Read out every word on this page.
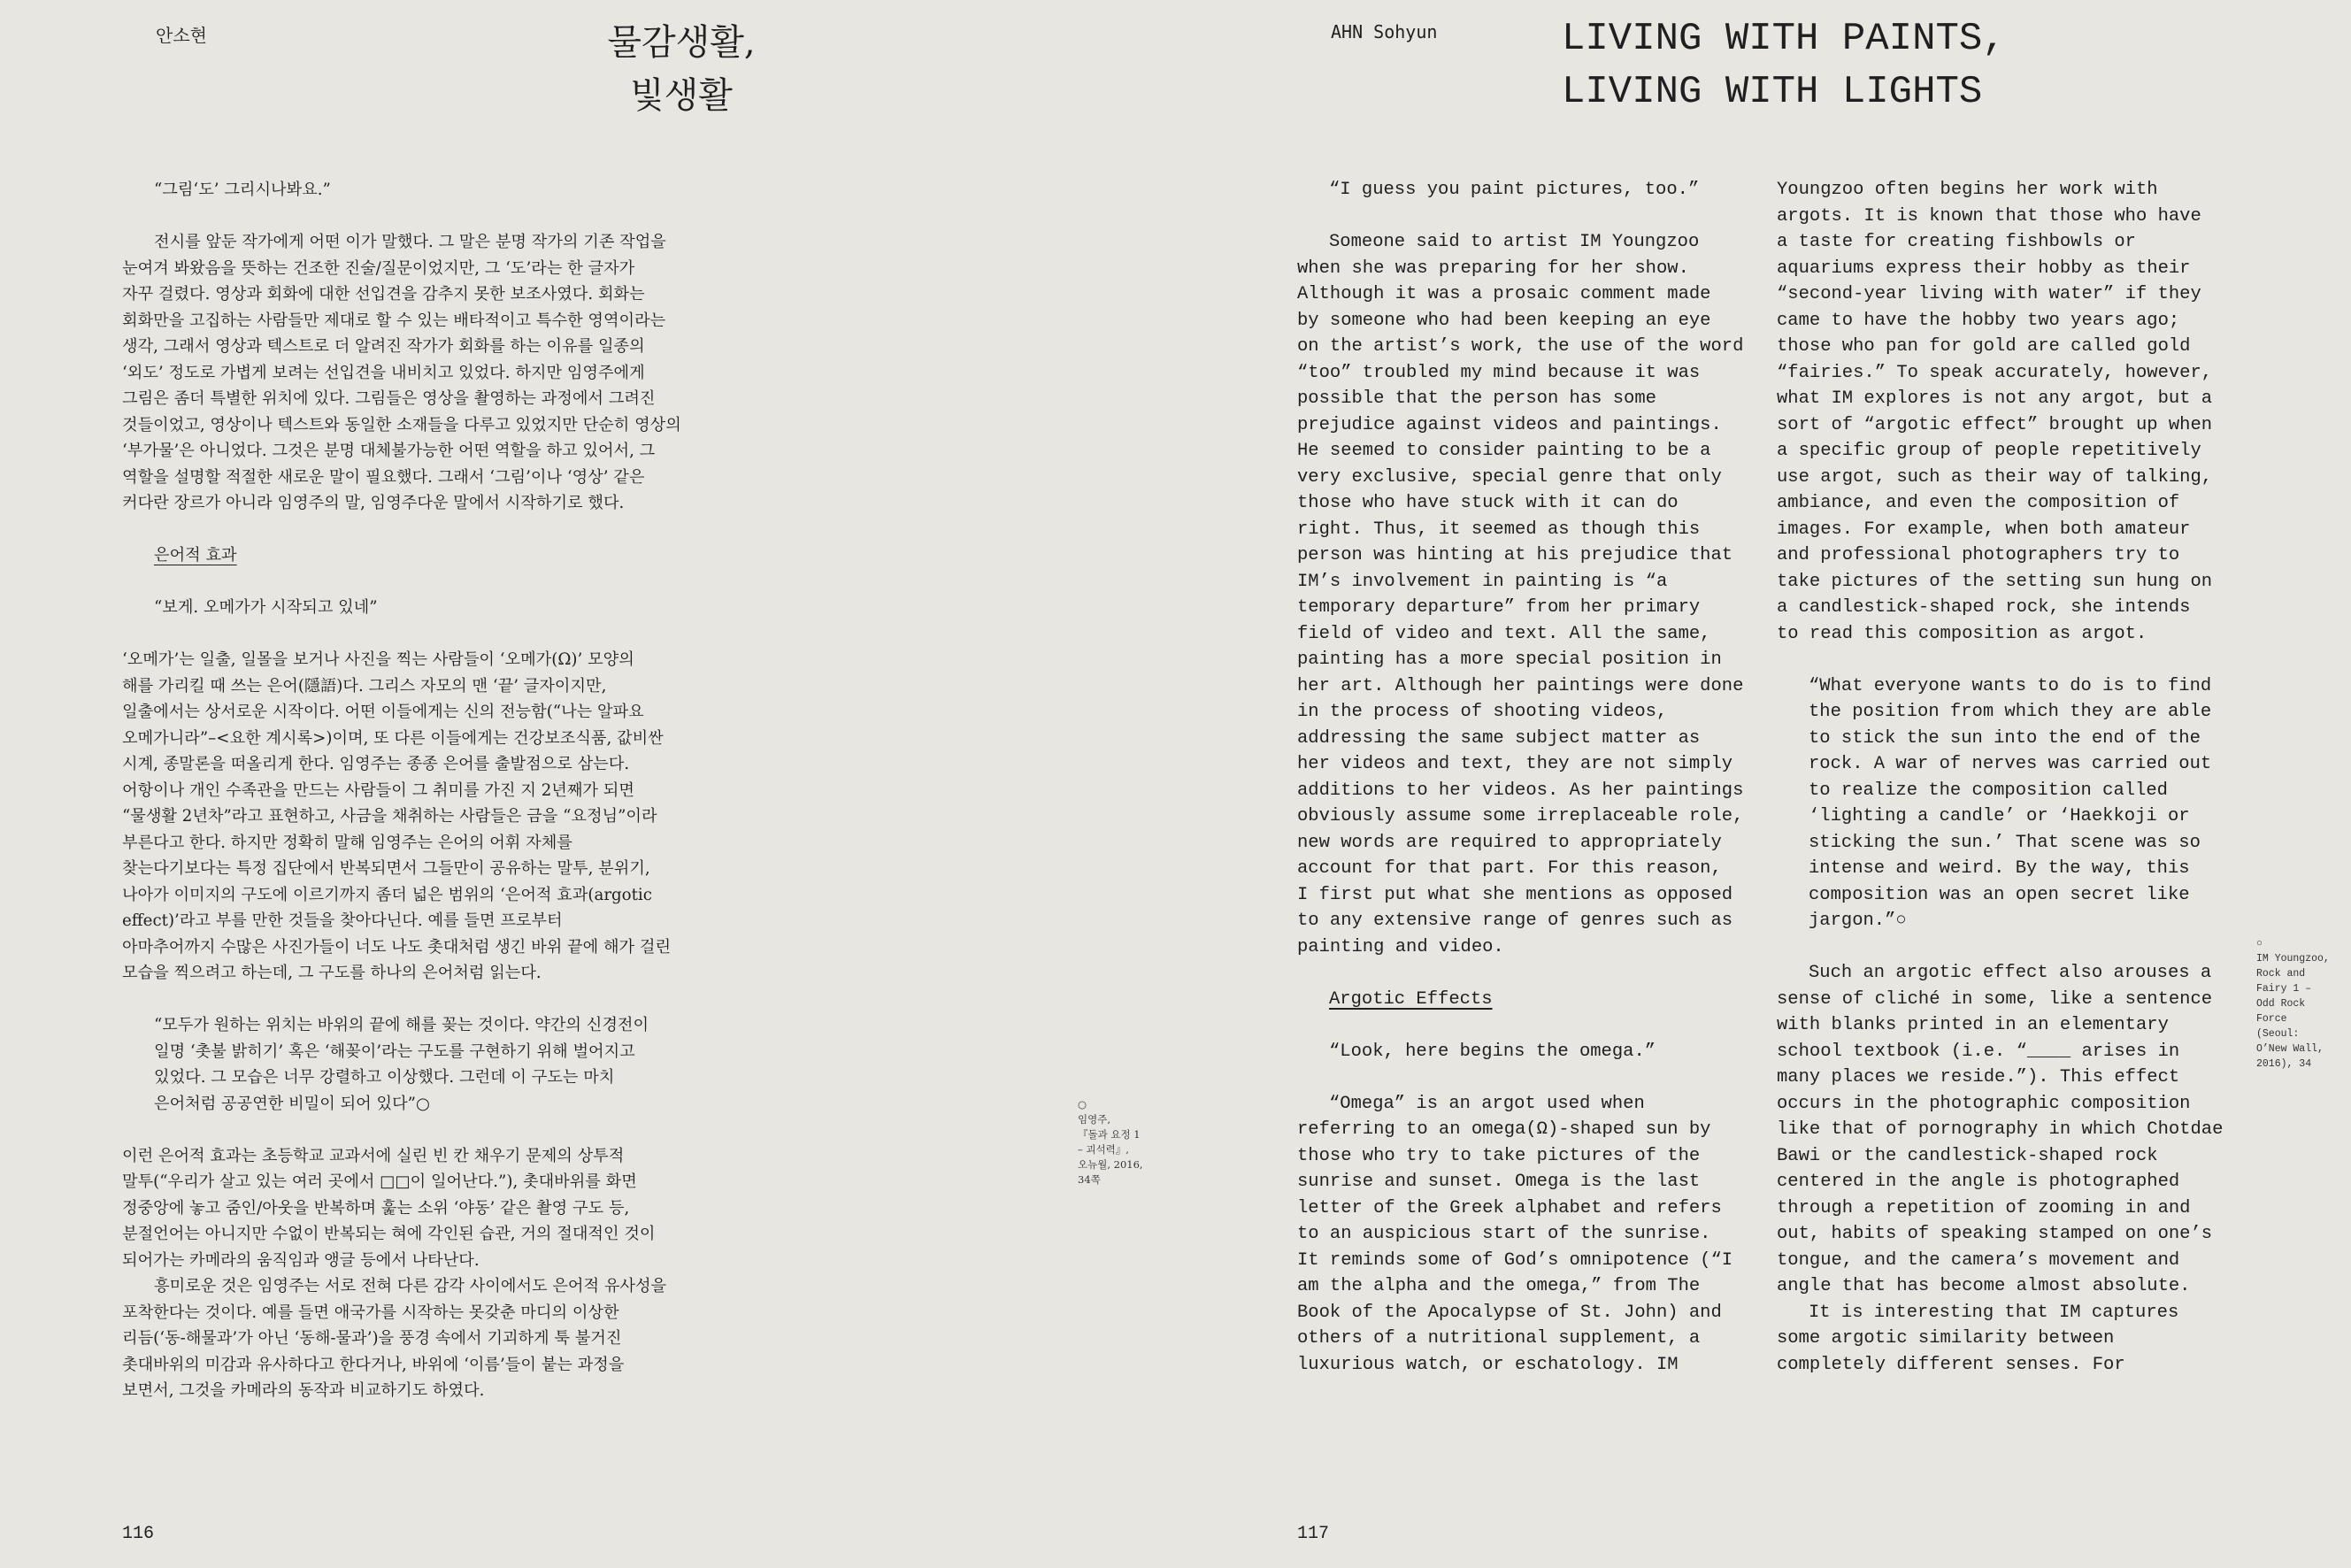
안소현	물감생활,
빛생활

“그림‘도’ 그리시나봐요.”

전시를 앞둔 작가에게 어떤 이가 말했다. 그 말은 분명 작가의 기존 작업을

눈여겨 봐왔음을 뜻하는 건조한 진술/질문이었지만, 그 ‘도’라는 한 글자가

자꾸 걸렸다. 영상과 회화에 대한 선입견을 감추지 못한 보조사였다. 회화는

회화만을 고집하는 사람들만 제대로 할 수 있는 배타적이고 특수한 영역이라는

생각, 그래서 영상과 텍스트로 더 알려진 작가가 회화를 하는 이유를 일종의

‘외도’ 정도로 가볍게 보려는 선입견을 내비치고 있었다. 하지만 임영주에게

그림은 좀더 특별한 위치에 있다. 그림들은 영상을 촬영하는 과정에서 그려진

것들이었고, 영상이나 텍스트와 동일한 소재들을 다루고 있었지만 단순히 영상의

‘부가물’은 아니었다. 그것은 분명 대체불가능한 어떤 역할을 하고 있어서, 그

역할을 설명할 적절한 새로운 말이 필요했다. 그래서 ‘그림’이나 ‘영상’ 같은

커다란 장르가 아니라 임영주의 말, 임영주다운 말에서 시작하기로 했다.

은어적 효과

“보게. 오메가가 시작되고 있네”

‘오메가’는 일출, 일몰을 보거나 사진을 찍는 사람들이 ‘오메가(Ω)’ 모양의

해를 가리킬 때 쓰는 은어(隱語)다. 그리스 자모의 맨 ‘끝’ 글자이지만,

일출에서는 상서로운 시작이다. 어떤 이들에게는 신의 전능함(“나는 알파요

오메가니라”–<요한 계시록>)이며, 또 다른 이들에게는 건강보조식품, 값비싼

시계, 종말론을 떠올리게 한다. 임영주는 종종 은어를 출발점으로 삼는다.

어항이나 개인 수족관을 만드는 사람들이 그 취미를 가진 지 2년째가 되면

“물생활 2년차”라고 표현하고, 사금을 채취하는 사람들은 금을 “요정님”이라

부른다고 한다. 하지만 정확히 말해 임영주는 은어의 어휘 자체를

찾는다기보다는 특정 집단에서 반복되면서 그들만이 공유하는 말투, 분위기,

나아가 이미지의 구도에 이르기까지 좀더 넓은 범위의 ‘은어적 효과(argotic

effect)’라고 부를 만한 것들을 찾아다닌다. 예를 들면 프로부터

아마추어까지 수많은 사진가들이 너도 나도 촛대처럼 생긴 바위 끝에 해가 걸린

모습을 찍으려고 하는데, 그 구도를 하나의 은어처럼 읽는다.

“모두가 원하는 위치는 바위의 끝에 해를 꽂는 것이다. 약간의 신경전이

일명 ‘촛불 밝히기’ 혹은 ‘해꽂이’라는 구도를 구현하기 위해 벌어지고

있었다. 그 모습은 너무 강렬하고 이상했다. 그런데 이 구도는 마치

은어처럼 공공연한 비밀이 되어 있다”○

이런 은어적 효과는 초등학교 교과서에 실린 빈 칸 채우기 문제의 상투적

말투(“우리가 살고 있는 여러 곳에서 □□이 일어난다.”), 촛대바위를 화면

정중앙에 놓고 줌인/아웃을 반복하며 훑는 소위 ‘야동’ 같은 촬영 구도 등,

분절언어는 아니지만 수없이 반복되는 혀에 각인된 습관, 거의 절대적인 것이

되어가는 카메라의 움직임과 앵글 등에서 나타난다.

흥미로운 것은 임영주는 서로 전혀 다른 감각 사이에서도 은어적 유사성을

포착한다는 것이다. 예를 들면 애국가를 시작하는 못갖춘 마디의 이상한

리듬(‘동-해물과’가 아닌 ‘동해-물과’)을 풍경 속에서 기괴하게 툭 불거진

촛대바위의 미감과 유사하다고 한다거나, 바위에 ‘이름’들이 붙는 과정을

보면서, 그것을 카메라의 동작과 비교하기도 하였다.

○
임영주,
『돌과 요정 1
– 괴석력』,
오뉴월, 2016,
34쪽
116
AHN Sohyun	LIVING WITH PAINTS,
LIVING WITH LIGHTS

“I guess you paint pictures, too.”

Someone said to artist IM Youngzoo

when she was preparing for her show.

Although it was a prosaic comment made

by someone who had been keeping an eye

on the artist’s work, the use of the word

“too” troubled my mind because it was

possible that the person has some

prejudice against videos and paintings.

He seemed to consider painting to be a

very exclusive, special genre that only

those who have stuck with it can do

right. Thus, it seemed as though this

person was hinting at his prejudice that

IM’s involvement in painting is “a

temporary departure” from her primary

field of video and text. All the same,

painting has a more special position in

her art. Although her paintings were done

in the process of shooting videos,

addressing the same subject matter as

her videos and text, they are not simply

additions to her videos. As her paintings

obviously assume some irreplaceable role,

new words are required to appropriately

account for that part. For this reason,

I first put what she mentions as opposed

to any extensive range of genres such as

painting and video.

Argotic Effects

“Look, here begins the omega.”

“Omega” is an argot used when

referring to an omega(Ω)-shaped sun by

those who try to take pictures of the

sunrise and sunset. Omega is the last

letter of the Greek alphabet and refers

to an auspicious start of the sunrise.

It reminds some of God’s omnipotence (“I

am the alpha and the omega,” from The

Book of the Apocalypse of St. John) and

others of a nutritional supplement, a

luxurious watch, or eschatology. IM

Youngzoo often begins her work with

argots. It is known that those who have

a taste for creating fishbowls or

aquariums express their hobby as their

“second-year living with water” if they

came to have the hobby two years ago;

those who pan for gold are called gold

“fairies.” To speak accurately, however,

what IM explores is not any argot, but a

sort of “argotic effect” brought up when

a specific group of people repetitively

use argot, such as their way of talking,

ambiance, and even the composition of

images. For example, when both amateur

and professional photographers try to

take pictures of the setting sun hung on

a candlestick-shaped rock, she intends

to read this composition as argot.

“What everyone wants to do is to find

the position from which they are able

to stick the sun into the end of the

rock. A war of nerves was carried out

to realize the composition called

‘lighting a candle’ or ‘Haekkoji or

sticking the sun.’ That scene was so

intense and weird. By the way, this

composition was an open secret like

jargon.”○

Such an argotic effect also arouses a

sense of cliché in some, like a sentence

with blanks printed in an elementary

school textbook (i.e. “____ arises in

many places we reside.”). This effect

occurs in the photographic composition

like that of pornography in which Chotdae

Bawi or the candlestick-shaped rock

centered in the angle is photographed

through a repetition of zooming in and

out, habits of speaking stamped on one’s

tongue, and the camera’s movement and

angle that has become almost absolute.

It is interesting that IM captures

some argotic similarity between

completely different senses. For

○
IM Youngzoo,
Rock and
Fairy 1 –
Odd Rock
Force
(Seoul:
O’New Wall,
2016), 34
117
